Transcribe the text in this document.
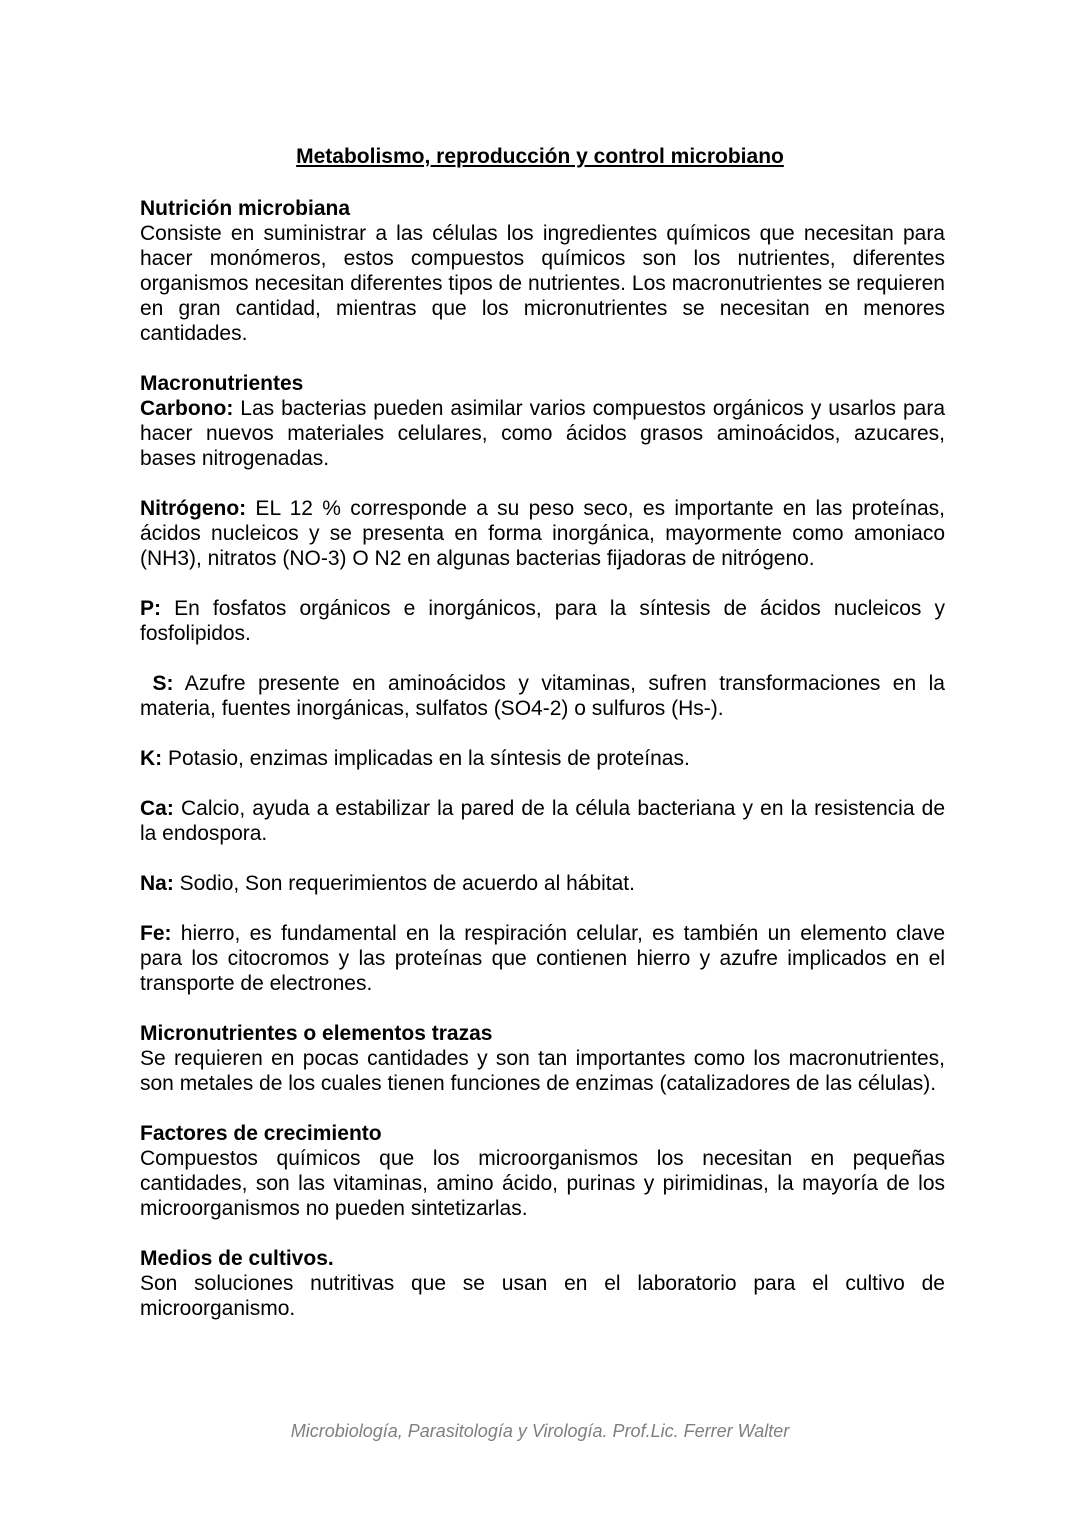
Metabolismo, reproducción y control microbiano
Nutrición microbiana

Consiste en suministrar a las células los ingredientes químicos que necesitan para hacer monómeros, estos compuestos químicos son los nutrientes, diferentes organismos necesitan diferentes tipos de nutrientes. Los macronutrientes se requieren en gran cantidad, mientras que los micronutrientes se necesitan en menores cantidades.

Macronutrientes

Carbono: Las bacterias pueden asimilar varios compuestos orgánicos y usarlos para hacer nuevos materiales celulares, como ácidos grasos aminoácidos, azucares, bases nitrogenadas.

Nitrógeno: EL 12 % corresponde a su peso seco, es importante en las proteínas, ácidos nucleicos y se presenta en forma inorgánica, mayormente como amoniaco (NH3), nitratos (NO-3) O N2 en algunas bacterias fijadoras de nitrógeno.

P: En fosfatos orgánicos e inorgánicos, para la síntesis de ácidos nucleicos y fosfolipidos.

S: Azufre presente en aminoácidos y vitaminas, sufren transformaciones en la materia, fuentes inorgánicas, sulfatos (SO4-2) o sulfuros (Hs-).

K: Potasio, enzimas implicadas en la síntesis de proteínas.

Ca: Calcio, ayuda a estabilizar la pared de la célula bacteriana y en la resistencia de la endospora.

Na: Sodio, Son requerimientos de acuerdo al hábitat.

Fe: hierro, es fundamental en la respiración celular, es también un elemento clave para los citocromos y las proteínas que contienen hierro y azufre implicados en el transporte de electrones.

Micronutrientes o elementos trazas

Se requieren en pocas cantidades y son tan importantes como los macronutrientes, son metales de los cuales tienen funciones de enzimas (catalizadores de las células).

Factores de crecimiento

Compuestos químicos que los microorganismos los necesitan en pequeñas cantidades, son las vitaminas, amino ácido, purinas y pirimidinas, la mayoría de los microorganismos no pueden sintetizarlas.

Medios de cultivos.

Son soluciones nutritivas que se usan en el laboratorio para el cultivo de microorganismo.

Microbiología, Parasitología y Virología. Prof.Lic. Ferrer Walter
